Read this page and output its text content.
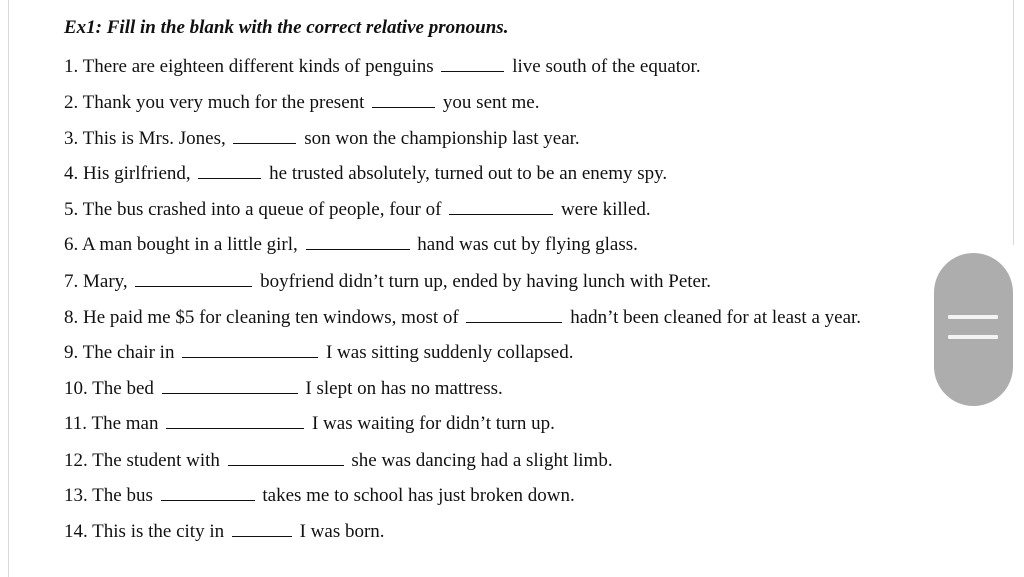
Ex1: Fill in the blank with the correct relative pronouns.
1. There are eighteen different kinds of penguins	live south of the equator.
2. Thank you very much for the present	you sent me.
3. This is Mrs. Jones,	son won the championship last year.
4. His girlfriend,	he trusted absolutely, turned out to be an enemy spy.
5. The bus crashed into a queue of people, four of	were killed.
6. A man bought in a little girl,	hand was cut by flying glass.
7. Mary,	boyfriend didn’t turn up, ended by having lunch with Peter.
8. He paid me $5 for cleaning ten windows, most of	hadn’t been cleaned for at least a year.
9. The chair in	I was sitting suddenly collapsed.
10. The bed	I slept on has no mattress.
11. The man	I was waiting for didn’t turn up.
12. The student with	she was dancing had a slight limb.
13. The bus	takes me to school has just broken down.
14. This is the city in	I was born.
